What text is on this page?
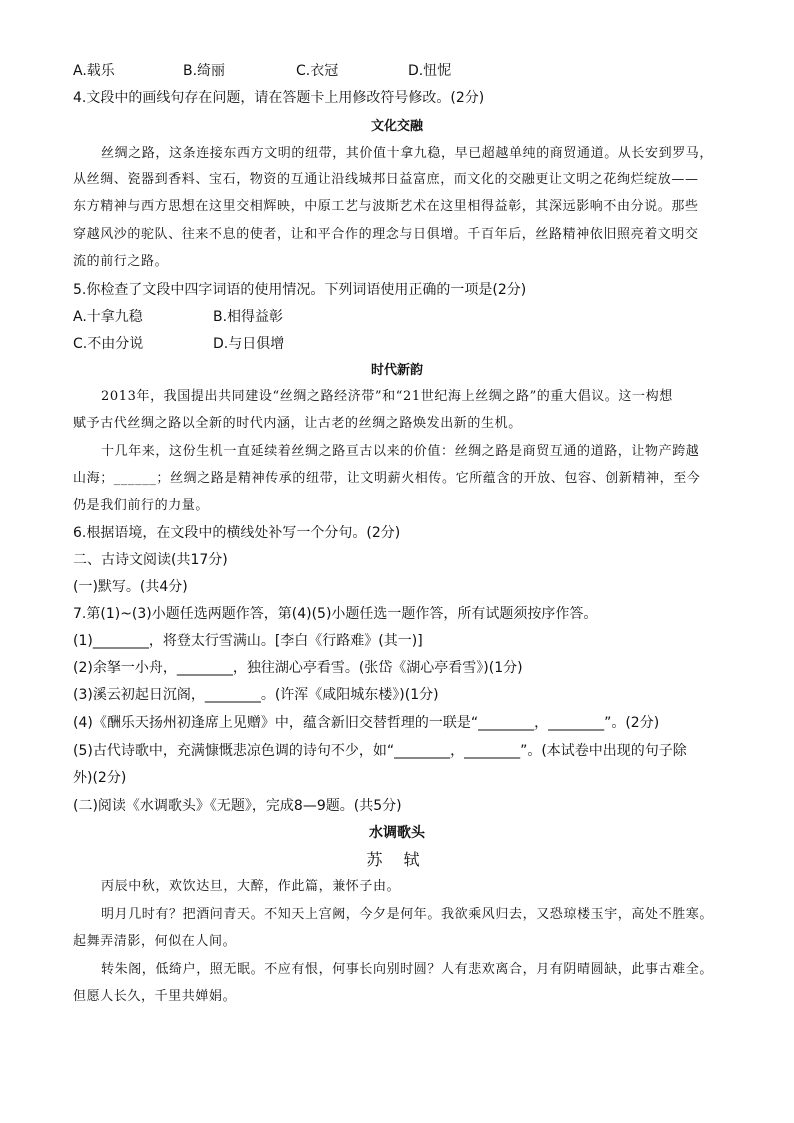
A.载乐	B.绮丽	C.衣冠	D.忸怩
4.文段中的画线句存在问题，请在答题卡上用修改符号修改。(2分)
文化交融
丝绸之路，这条连接东西方文明的纽带，其价值十拿九稳，早已超越单纯的商贸通道。从长安到罗马，
从丝绸、瓷器到香料、宝石，物资的互通让沿线城邦日益富庶，而文化的交融更让文明之花绚烂绽放——
东方精神与西方思想在这里交相辉映，中原工艺与波斯艺术在这里相得益彰，其深远影响不由分说。那些
穿越风沙的驼队、往来不息的使者，让和平合作的理念与日俱增。千百年后，丝路精神依旧照亮着文明交
流的前行之路。
5.你检查了文段中四字词语的使用情况。下列词语使用正确的一项是(2分)
A.十拿九稳	B.相得益彰
C.不由分说	D.与日俱增
时代新韵
2013年，我国提出共同建设“丝绸之路经济带”和“21世纪海上丝绸之路”的重大倡议。这一构想
赋予古代丝绸之路以全新的时代内涵，让古老的丝绸之路焕发出新的生机。
十几年来，这份生机一直延续着丝绸之路亘古以来的价值：丝绸之路是商贸互通的道路，让物产跨越
山海；______；丝绸之路是精神传承的纽带，让文明薪火相传。它所蕴含的开放、包容、创新精神，至今
仍是我们前行的力量。
6.根据语境，在文段中的横线处补写一个分句。(2分)
二、古诗文阅读(共17分)
(一)默写。(共4分)
7.第(1)~(3)小题任选两题作答，第(4)(5)小题任选一题作答，所有试题须按序作答。
(1)________，将登太行雪满山。[李白《行路难》(其一)]
(2)余拏一小舟，________，独往湖心亭看雪。(张岱《湖心亭看雪》)(1分)
(3)溪云初起日沉阁，________。(许浑《咸阳城东楼》)(1分)
(4)《酬乐天扬州初逢席上见赠》中，蕴含新旧交替哲理的一联是“________，________”。(2分)
(5)古代诗歌中，充满慷慨悲凉色调的诗句不少，如“________，________”。(本试卷中出现的句子除
外)(2分)
(二)阅读《水调歌头》《无题》，完成8—9题。(共5分)
水调歌头
苏 轼
丙辰中秋，欢饮达旦，大醉，作此篇，兼怀子由。
明月几时有？把酒问青天。不知天上宫阙，今夕是何年。我欲乘风归去，又恐琼楼玉宇，高处不胜寒。
起舞弄清影，何似在人间。
转朱阁，低绮户，照无眠。不应有恨，何事长向别时圆？人有悲欢离合，月有阴晴圆缺，此事古难全。
但愿人长久，千里共婵娟。
